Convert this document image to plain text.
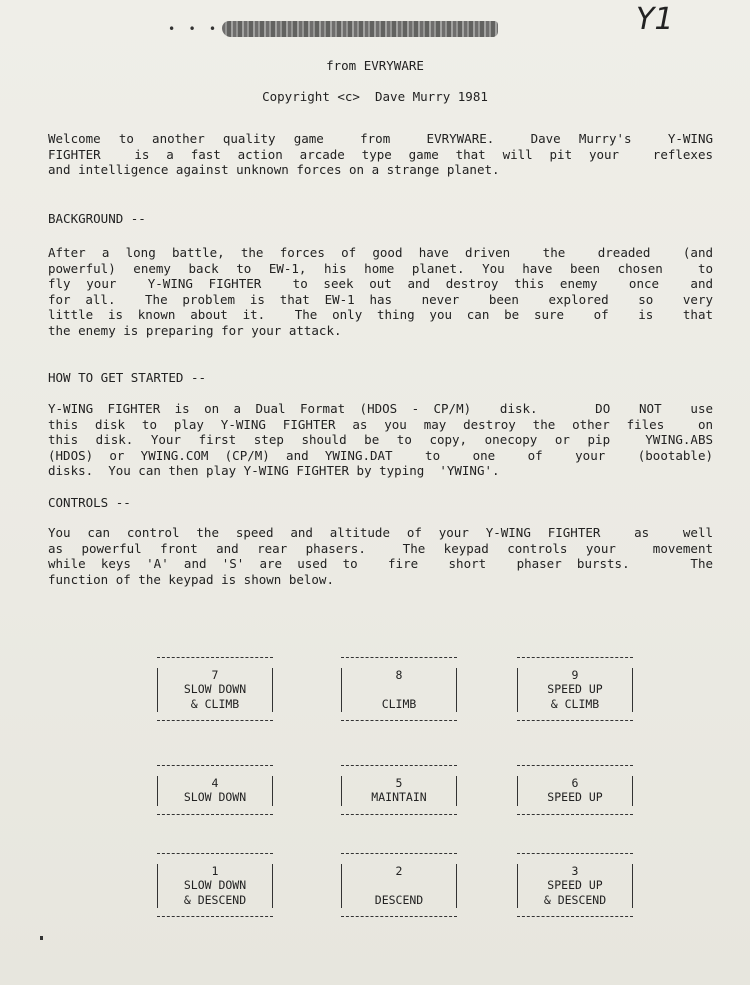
• • •	Y1
from EVRYWARE
Copyright <c>  Dave Murry 1981

Welcome to another quality game  from  EVRYWARE.  Dave Murry's  Y-WING
FIGHTER  is a fast action arcade type game that will pit your  reflexes
and intelligence against unknown forces on a strange planet.

BACKGROUND --

After a long battle, the forces of good have driven  the  dreaded  (and
powerful) enemy back to EW-1, his home planet. You have been chosen  to
fly your  Y-WING FIGHTER  to seek out and destroy this enemy  once  and
for all.  The problem is that EW-1 has  never  been  explored  so  very
little is known about it.  The only thing you can be sure  of  is  that
the enemy is preparing for your attack.

HOW TO GET STARTED --

Y-WING FIGHTER is on a Dual Format (HDOS - CP/M)  disk.    DO  NOT  use
this disk to play Y-WING FIGHTER as you may destroy the other files  on
this disk. Your first step should be to copy, onecopy or pip  YWING.ABS
(HDOS) or YWING.COM (CP/M) and YWING.DAT  to  one  of  your  (bootable)
disks.  You can then play Y-WING FIGHTER by typing  'YWING'.

CONTROLS --

You can control the speed and altitude of your Y-WING FIGHTER  as  well
as powerful front and rear phasers.  The keypad controls your  movement
while keys 'A' and 'S' are used to  fire  short  phaser bursts.    The
function of the keypad is shown below.

7
SLOW DOWN
& CLIMB
8

CLIMB
9
SPEED UP
& CLIMB
4
SLOW DOWN
5
MAINTAIN
6
SPEED UP
1
SLOW DOWN
& DESCEND
2

DESCEND
3
SPEED UP
& DESCEND
